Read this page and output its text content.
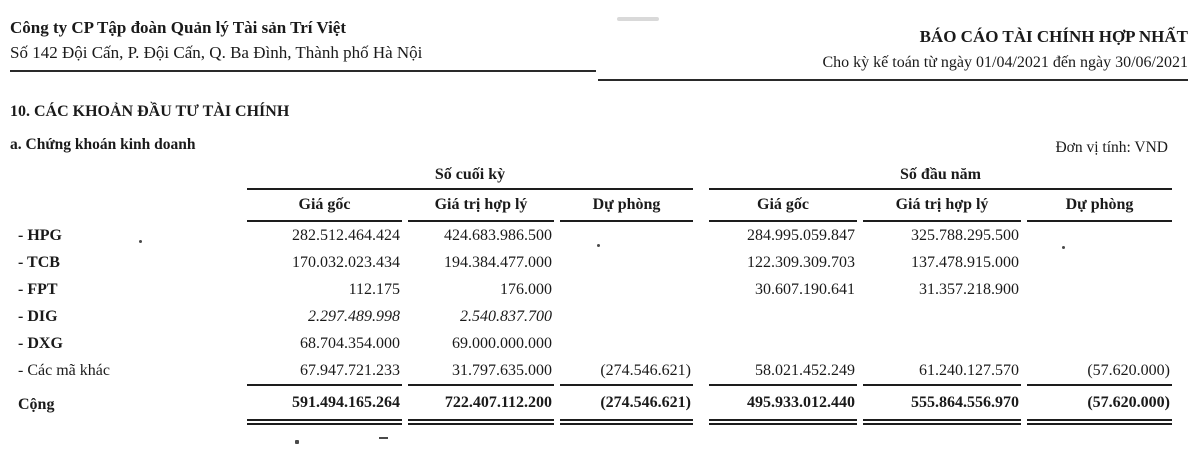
Công ty CP Tập đoàn Quản lý Tài sản Trí Việt
Số 142 Đội Cấn, P. Đội Cấn, Q. Ba Đình, Thành phố Hà Nội
BÁO CÁO TÀI CHÍNH HỢP NHẤT
Cho kỳ kế toán từ ngày 01/04/2021 đến ngày 30/06/2021
10. CÁC KHOẢN ĐẦU TƯ TÀI CHÍNH
a. Chứng khoán kinh doanh	Đơn vị tính: VND
	Số cuối kỳ				Số đầu năm		
	Giá gốc	Giá trị hợp lý	Dự phòng		Giá gốc	Giá trị hợp lý	Dự phòng
- HPG	282.512.464.424	424.683.986.500			284.995.059.847	325.788.295.500	
- TCB	170.032.023.434	194.384.477.000			122.309.309.703	137.478.915.000	
- FPT	112.175	176.000			30.607.190.641	31.357.218.900	
- DIG	2.297.489.998	2.540.837.700					
- DXG	68.704.354.000	69.000.000.000					
- Các mã khác	67.947.721.233	31.797.635.000	(274.546.621)		58.021.452.249	61.240.127.570	(57.620.000)
Cộng	591.494.165.264	722.407.112.200	(274.546.621)		495.933.012.440	555.864.556.970	(57.620.000)
